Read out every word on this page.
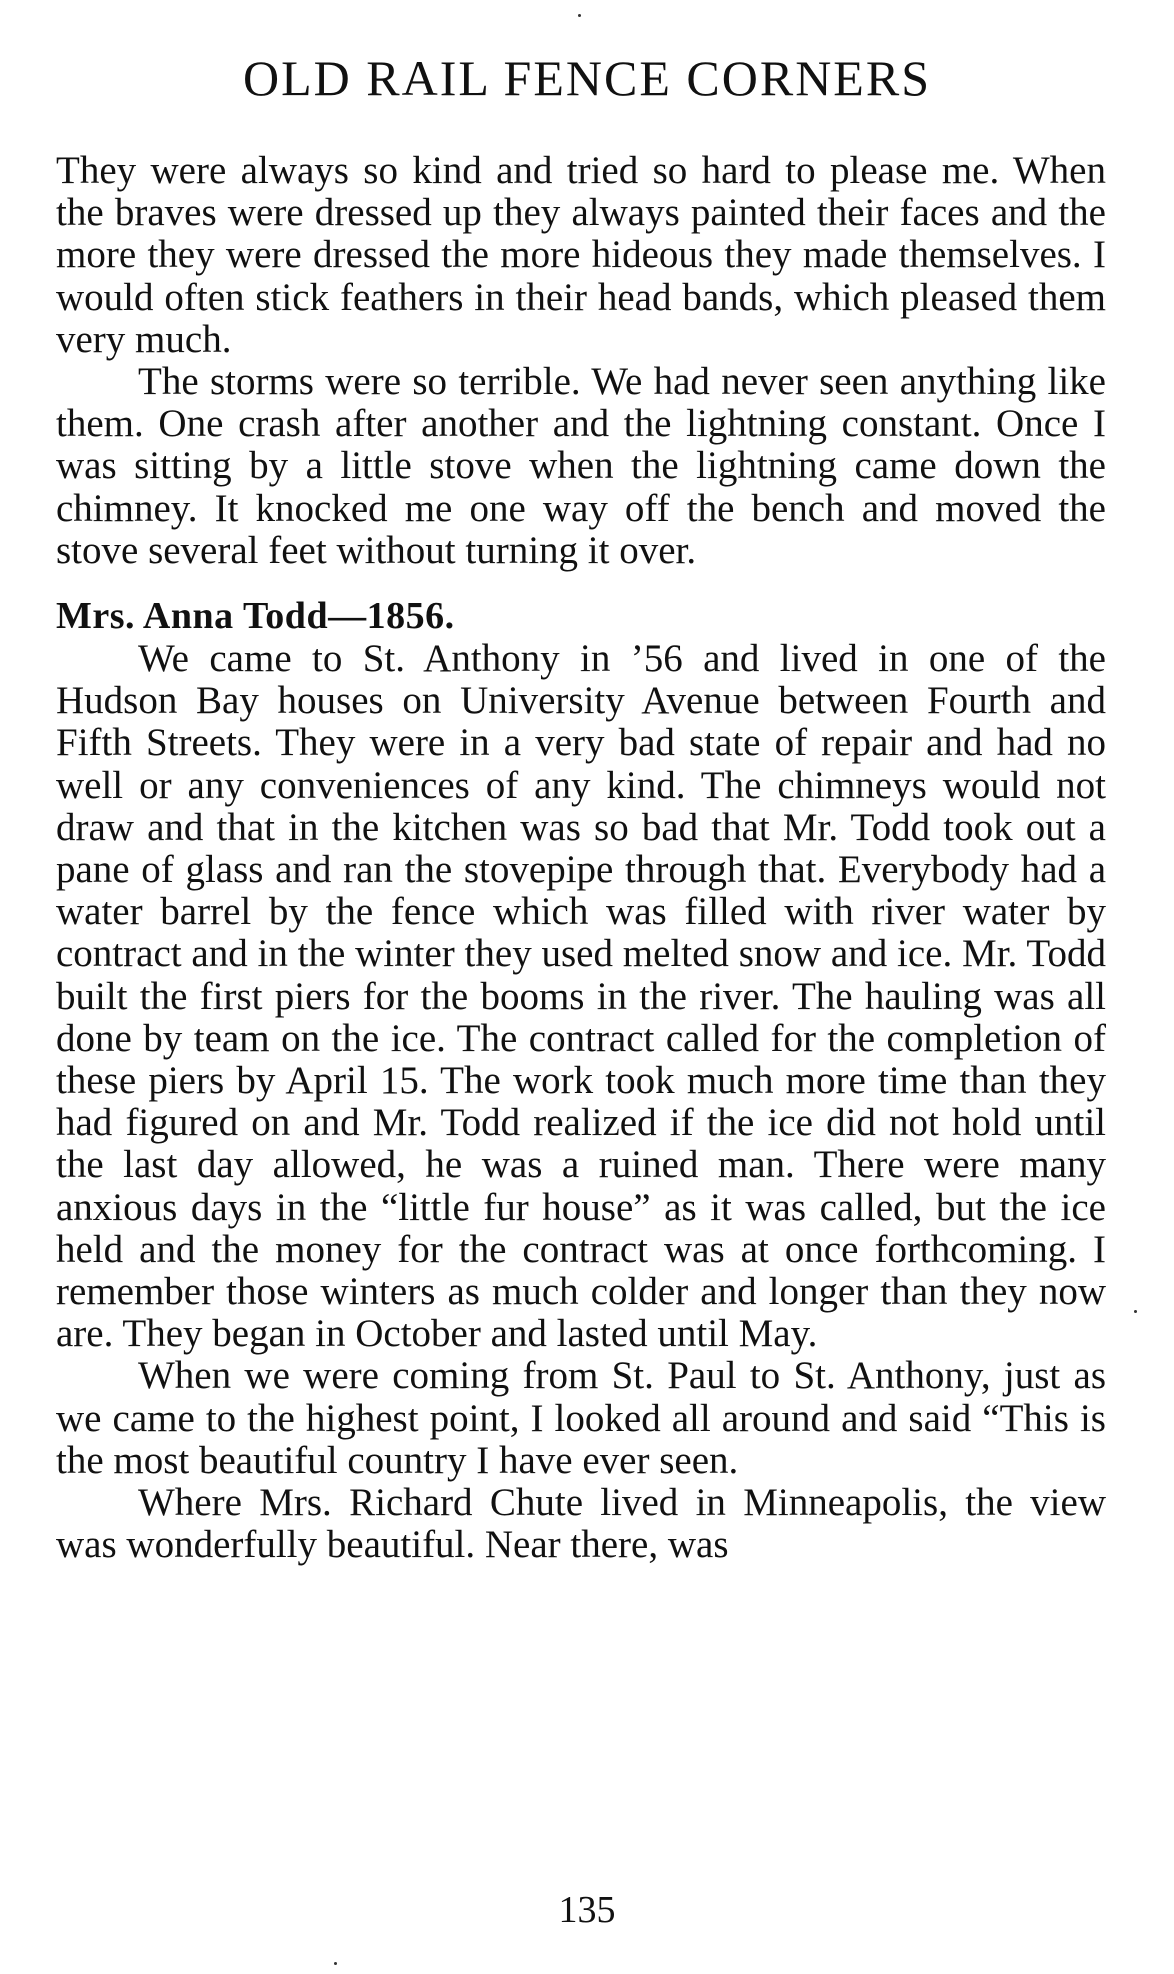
OLD RAIL FENCE CORNERS

They were always so kind and tried so hard to please me. When the braves were dressed up they always painted their faces and the more they were dressed the more hideous they made themselves. I would often stick feathers in their head bands, which pleased them very much.

The storms were so terrible. We had never seen anything like them. One crash after another and the lightning constant. Once I was sitting by a little stove when the lightning came down the chimney. It knocked me one way off the bench and moved the stove several feet without turning it over.

Mrs. Anna Todd—1856.

We came to St. Anthony in ’56 and lived in one of the Hudson Bay houses on University Avenue between Fourth and Fifth Streets. They were in a very bad state of repair and had no well or any conveniences of any kind. The chimneys would not draw and that in the kitchen was so bad that Mr. Todd took out a pane of glass and ran the stovepipe through that. Everybody had a water barrel by the fence which was filled with river water by contract and in the winter they used melted snow and ice. Mr. Todd built the first piers for the booms in the river. The hauling was all done by team on the ice. The contract called for the completion of these piers by April 15. The work took much more time than they had figured on and Mr. Todd realized if the ice did not hold until the last day allowed, he was a ruined man. There were many anxious days in the “little fur house” as it was called, but the ice held and the money for the contract was at once forthcoming. I remember those winters as much colder and longer than they now are. They began in October and lasted until May.

When we were coming from St. Paul to St. Anthony, just as we came to the highest point, I looked all around and said “This is the most beautiful country I have ever seen.

Where Mrs. Richard Chute lived in Minneapolis, the view was wonderfully beautiful. Near there, was

135
